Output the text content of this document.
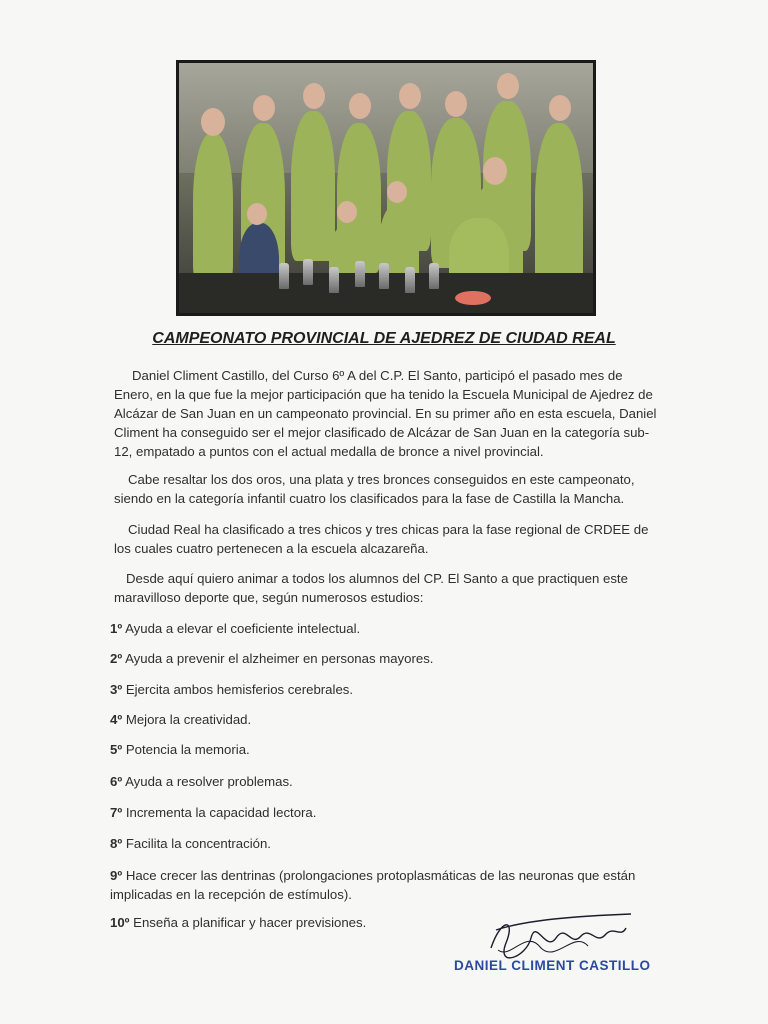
CAMPEONATO PROVINCIAL DE AJEDREZ DE CIUDAD REAL
Daniel Climent Castillo, del Curso 6º A del C.P. El Santo, participó el pasado mes de Enero, en la que fue la mejor participación que ha tenido la Escuela Municipal de Ajedrez de Alcázar de San Juan en un campeonato provincial. En su primer año en esta escuela, Daniel Climent ha conseguido ser el mejor clasificado de Alcázar de San Juan en la categoría sub-12, empatado a puntos con el actual medalla de bronce a nivel provincial.
Cabe resaltar los dos oros, una plata y tres bronces conseguidos en este campeonato, siendo en la categoría infantil cuatro los clasificados para la fase de Castilla la Mancha.
Ciudad Real ha clasificado a tres chicos y tres chicas para la fase regional de CRDEE de los cuales cuatro pertenecen a la escuela alcazareña.
Desde aquí quiero animar a todos los alumnos del CP. El Santo a que practiquen este maravilloso deporte que, según numerosos estudios:
1º Ayuda a elevar el coeficiente intelectual.
2º Ayuda a prevenir el alzheimer en personas mayores.
3º Ejercita ambos hemisferios cerebrales.
4º Mejora la creatividad.
5º Potencia la memoria.
6º Ayuda a resolver problemas.
7º Incrementa la capacidad lectora.
8º Facilita la concentración.
9º Hace crecer las dentrinas (prolongaciones protoplasmáticas de las neuronas que están implicadas en la recepción de estímulos).
10º Enseña a planificar y hacer previsiones.
DANIEL CLIMENT CASTILLO
